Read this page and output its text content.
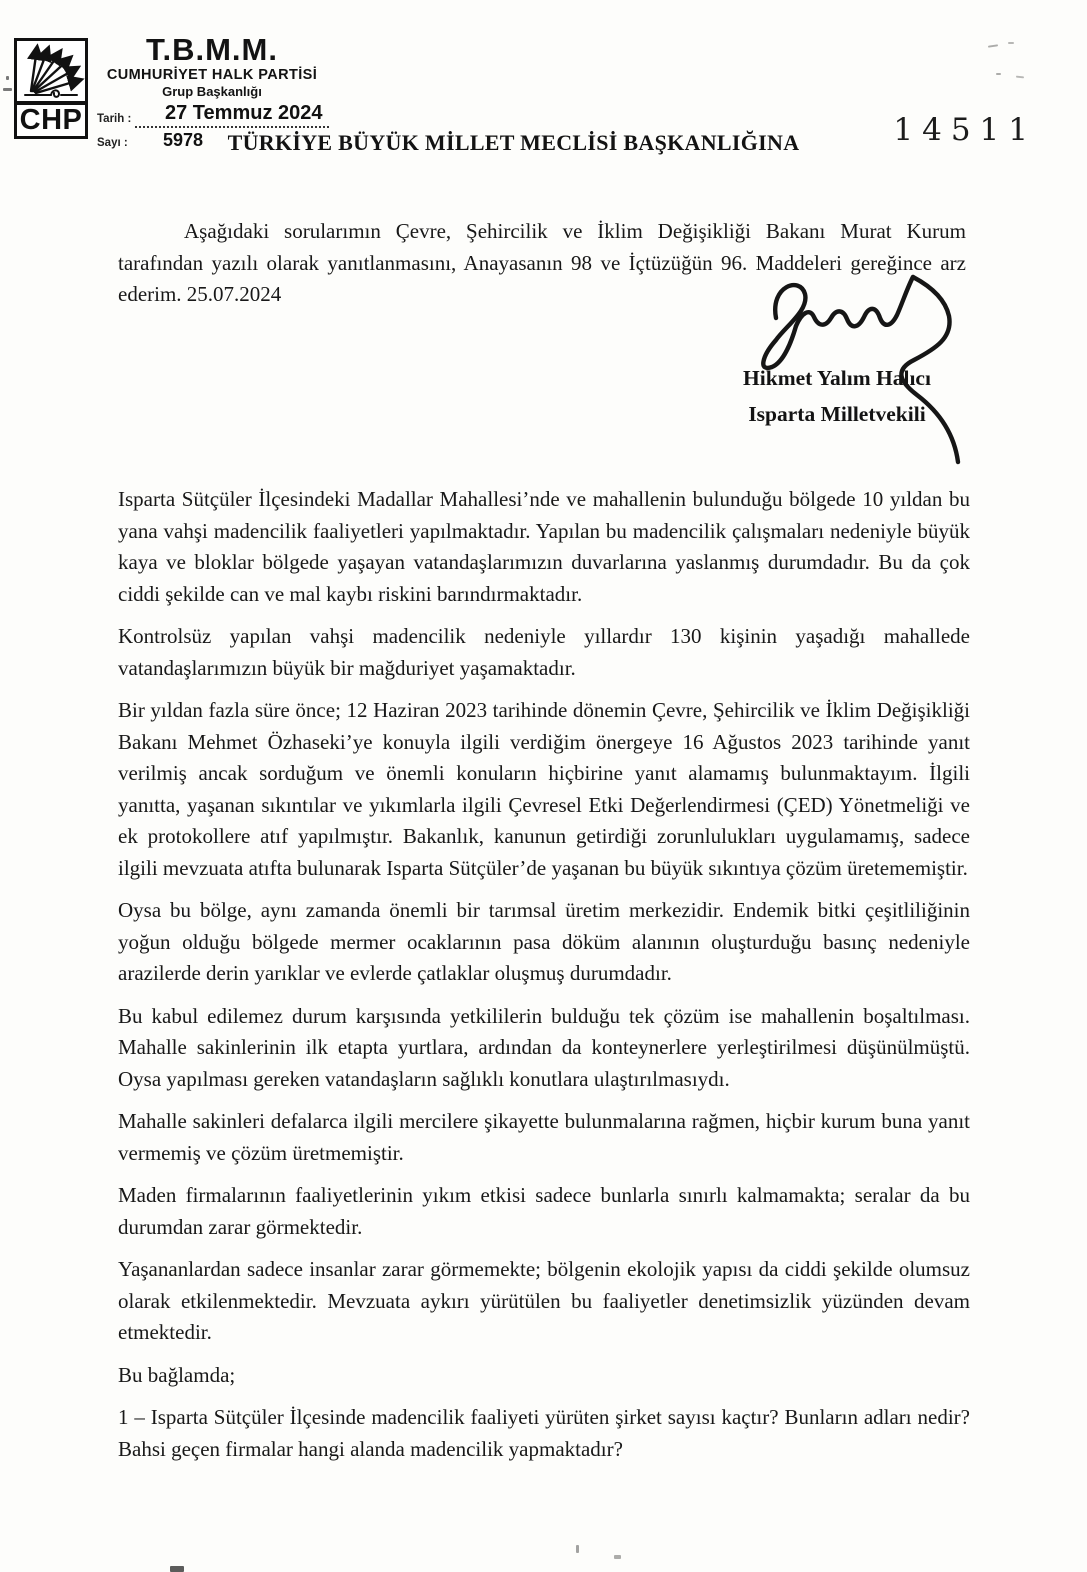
CHP
T.B.M.M.
CUMHURİYET HALK PARTİSİ
Grup Başkanlığı
Tarih : 27 Temmuz 2024
Sayı :	5978	TÜRKİYE BÜYÜK MİLLET MECLİSİ BAŞKANLIĞINA	14511
Aşağıdaki sorularımın Çevre, Şehircilik ve İklim Değişikliği Bakanı Murat Kurum tarafından yazılı olarak yanıtlanmasını, Anayasanın 98 ve İçtüzüğün 96. Maddeleri gereğince arz ederim. 25.07.2024
Hikmet Yalım Halıcı
Isparta Milletvekili

Isparta Sütçüler İlçesindeki Madallar Mahallesi’nde ve mahallenin bulunduğu bölgede 10 yıldan bu yana vahşi madencilik faaliyetleri yapılmaktadır. Yapılan bu madencilik çalışmaları nedeniyle büyük kaya ve bloklar bölgede yaşayan vatandaşlarımızın duvarlarına yaslanmış durumdadır. Bu da çok ciddi şekilde can ve mal kaybı riskini barındırmaktadır.

Kontrolsüz yapılan vahşi madencilik nedeniyle yıllardır 130 kişinin yaşadığı mahallede vatandaşlarımızın büyük bir mağduriyet yaşamaktadır.

Bir yıldan fazla süre önce; 12 Haziran 2023 tarihinde dönemin Çevre, Şehircilik ve İklim Değişikliği Bakanı Mehmet Özhaseki’ye konuyla ilgili verdiğim önergeye 16 Ağustos 2023 tarihinde yanıt verilmiş ancak sorduğum ve önemli konuların hiçbirine yanıt alamamış bulunmaktayım. İlgili yanıtta, yaşanan sıkıntılar ve yıkımlarla ilgili Çevresel Etki Değerlendirmesi (ÇED) Yönetmeliği ve ek protokollere atıf yapılmıştır. Bakanlık, kanunun getirdiği zorunlulukları uygulamamış, sadece ilgili mevzuata atıfta bulunarak Isparta Sütçüler’de yaşanan bu büyük sıkıntıya çözüm üretememiştir.

Oysa bu bölge, aynı zamanda önemli bir tarımsal üretim merkezidir. Endemik bitki çeşitliliğinin yoğun olduğu bölgede mermer ocaklarının pasa döküm alanının oluşturduğu basınç nedeniyle arazilerde derin yarıklar ve evlerde çatlaklar oluşmuş durumdadır.

Bu kabul edilemez durum karşısında yetkililerin bulduğu tek çözüm ise mahallenin boşaltılması. Mahalle sakinlerinin ilk etapta yurtlara, ardından da konteynerlere yerleştirilmesi düşünülmüştü. Oysa yapılması gereken vatandaşların sağlıklı konutlara ulaştırılmasıydı.

Mahalle sakinleri defalarca ilgili mercilere şikayette bulunmalarına rağmen, hiçbir kurum buna yanıt vermemiş ve çözüm üretmemiştir.

Maden firmalarının faaliyetlerinin yıkım etkisi sadece bunlarla sınırlı kalmamakta; seralar da bu durumdan zarar görmektedir.

Yaşananlardan sadece insanlar zarar görmemekte; bölgenin ekolojik yapısı da ciddi şekilde olumsuz olarak etkilenmektedir. Mevzuata aykırı yürütülen bu faaliyetler denetimsizlik yüzünden devam etmektedir.

Bu bağlamda;

1 – Isparta Sütçüler İlçesinde madencilik faaliyeti yürüten şirket sayısı kaçtır? Bunların adları nedir? Bahsi geçen firmalar hangi alanda madencilik yapmaktadır?
